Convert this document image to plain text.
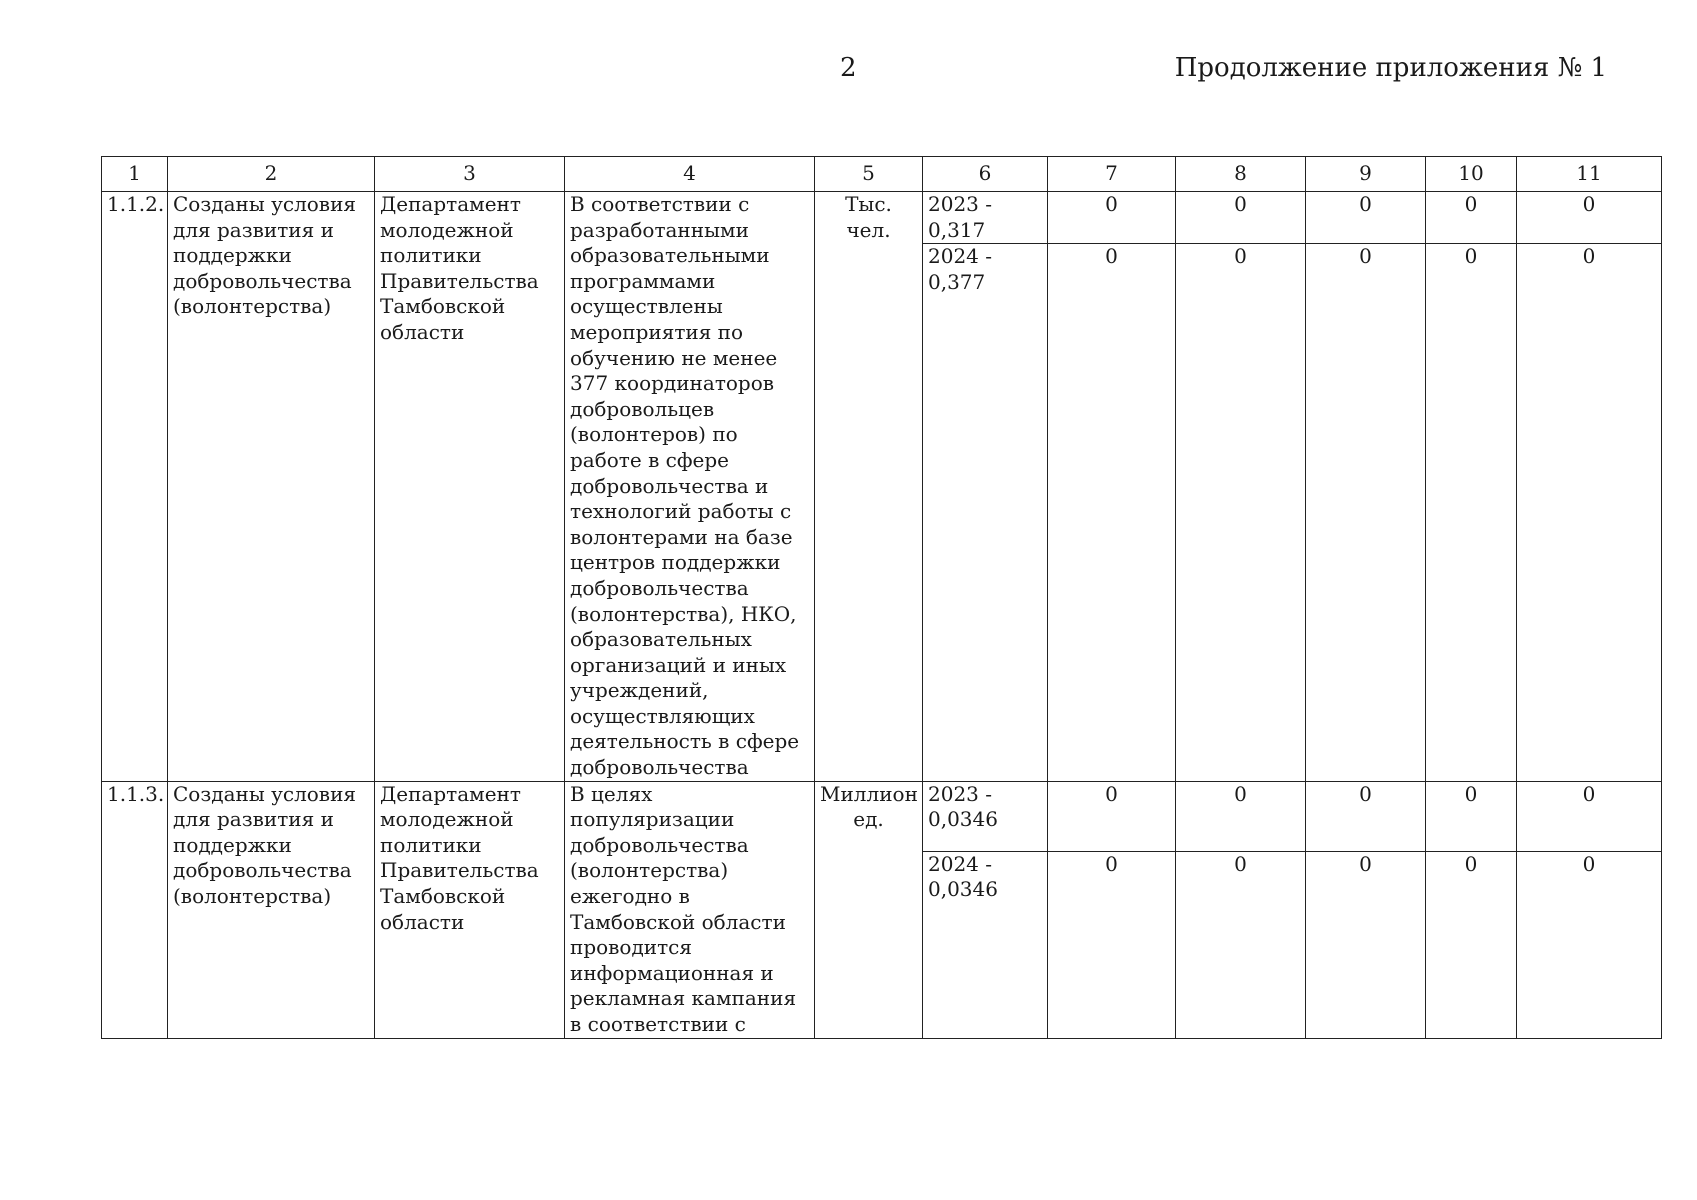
2	Продолжение приложения № 1
1	2	3	4	5	6	7	8	9	10	11
1.1.2.	Созданы условия для развития и поддержки добровольчества (волонтерства)	Департамент молодежной политики Правительства Тамбовской области	В соответствии с разработанными образовательными программами осуществлены мероприятия по обучению не менее 377 координаторов добровольцев (волонтеров) по работе в сфере добровольчества и технологий работы с волонтерами на базе центров поддержки добровольчества (волонтерства), НКО, образовательных организаций и иных учреждений, осуществляющих деятельность в сфере добровольчества	Тыс. чел.	2023 - 0,317	0	0	0	0	0
					2024 - 0,377	0	0	0	0	0
1.1.3.	Созданы условия для развития и поддержки добровольчества (волонтерства)	Департамент молодежной политики Правительства Тамбовской области	В целях популяризации добровольчества (волонтерства) ежегодно в Тамбовской области проводится информационная и рекламная кампания в соответствии с	Миллион ед.	2023 - 0,0346	0	0	0	0	0
					2024 - 0,0346	0	0	0	0	0
